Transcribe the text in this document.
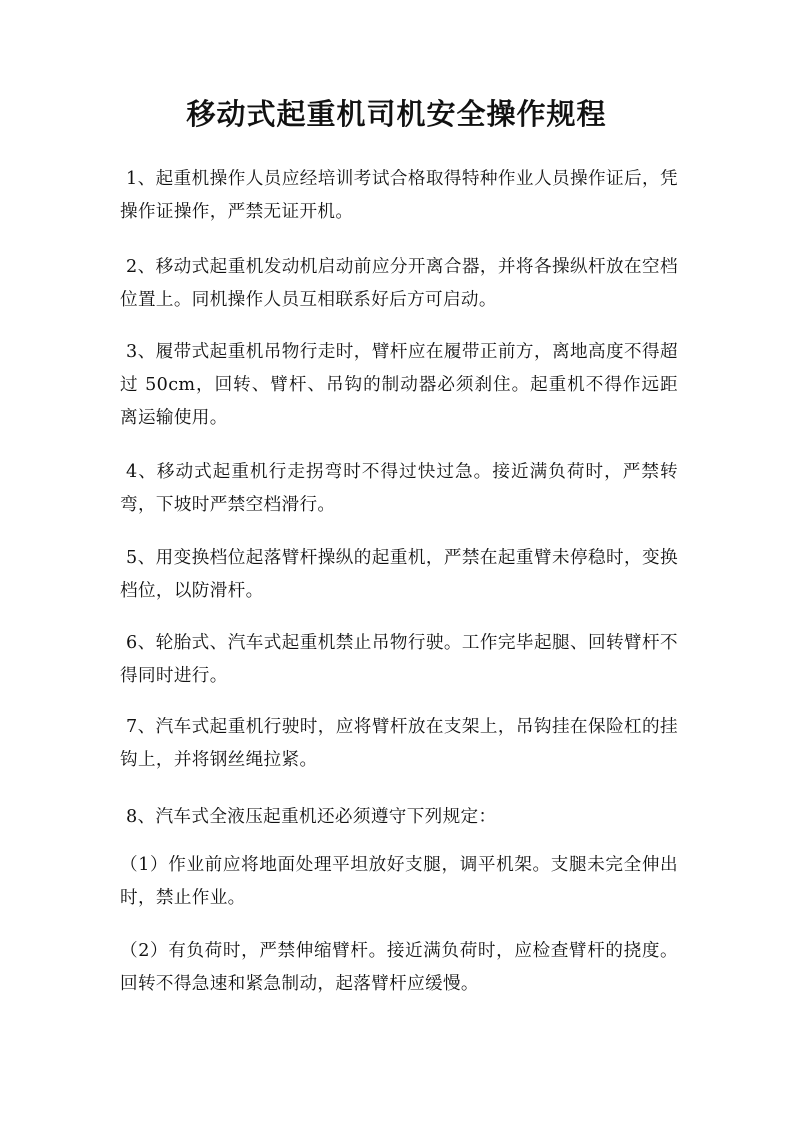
移动式起重机司机安全操作规程

1、起重机操作人员应经培训考试合格取得特种作业人员操作证后，凭操作证操作，严禁无证开机。

2、移动式起重机发动机启动前应分开离合器，并将各操纵杆放在空档位置上。同机操作人员互相联系好后方可启动。

3、履带式起重机吊物行走时，臂杆应在履带正前方，离地高度不得超过 50cm，回转、臂杆、吊钩的制动器必须刹住。起重机不得作远距离运输使用。

4、移动式起重机行走拐弯时不得过快过急。接近满负荷时，严禁转弯，下坡时严禁空档滑行。

5、用变换档位起落臂杆操纵的起重机，严禁在起重臂未停稳时，变换档位，以防滑杆。

6、轮胎式、汽车式起重机禁止吊物行驶。工作完毕起腿、回转臂杆不得同时进行。

7、汽车式起重机行驶时，应将臂杆放在支架上，吊钩挂在保险杠的挂钩上，并将钢丝绳拉紧。

8、汽车式全液压起重机还必须遵守下列规定：

（1）作业前应将地面处理平坦放好支腿，调平机架。支腿未完全伸出时，禁止作业。

（2）有负荷时，严禁伸缩臂杆。接近满负荷时，应检查臂杆的挠度。回转不得急速和紧急制动，起落臂杆应缓慢。
